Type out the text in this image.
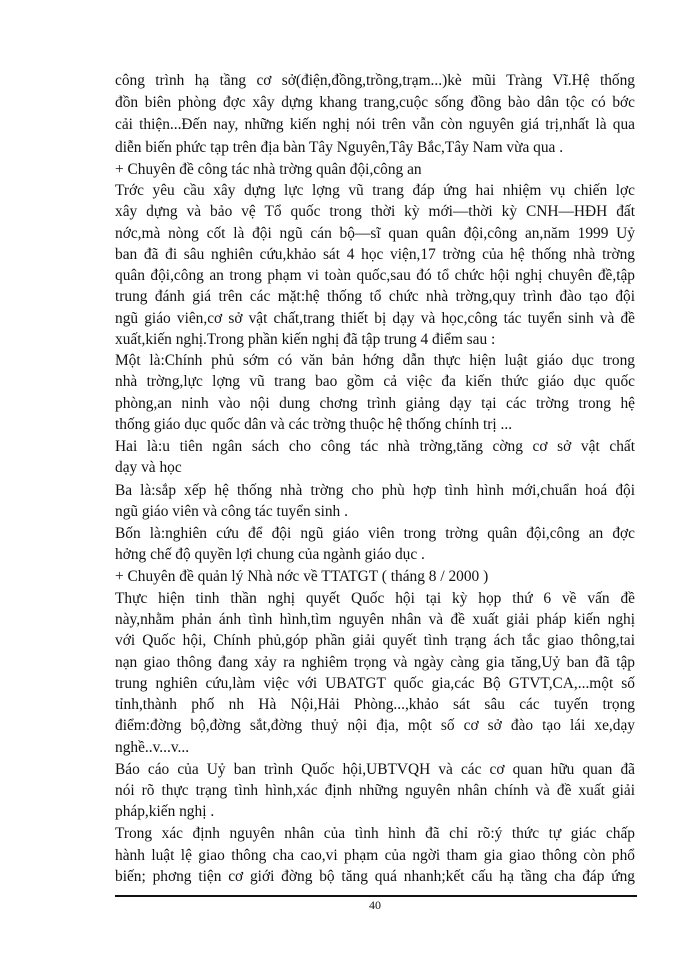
công trình hạ tầng cơ sở(điện,đồng,trồng,trạm...)kè mũi Tràng Vĩ.Hệ thống
đồn biên phòng đợc xây dựng khang trang,cuộc sống đồng bào dân tộc có bớc
cải thiện...Đến nay, những kiến nghị nói trên vẫn còn nguyên giá trị,nhất là qua
diễn biến phức tạp trên địa bàn Tây Nguyên,Tây Bắc,Tây Nam vừa qua .
+ Chuyên đề công tác nhà trờng quân đội,công an
Trớc yêu cầu xây dựng lực lợng vũ trang đáp ứng hai nhiệm vụ chiến lợc
xây dựng và bảo vệ Tổ quốc trong thời kỳ mới—thời kỳ CNH—HĐH đất
nớc,mà nòng cốt là đội ngũ cán bộ—sĩ quan quân đội,công an,năm 1999 Uỷ
ban đã đi sâu nghiên cứu,khảo sát 4 học viện,17 trờng của hệ thống nhà trờng
quân đội,công an trong phạm vi toàn quốc,sau đó tổ chức hội nghị chuyên đề,tập
trung đánh giá trên các mặt:hệ thống tổ chức nhà trờng,quy trình đào tạo đội
ngũ giáo viên,cơ sở vật chất,trang thiết bị dạy và học,công tác tuyển sinh và đề
xuất,kiến nghị.Trong phần kiến nghị đã tập trung 4 điểm sau :
Một là:Chính phủ sớm có văn bản hớng dẫn thực hiện luật giáo dục trong
nhà trờng,lực lợng vũ trang bao gồm cả việc đa kiến thức giáo dục quốc
phòng,an ninh vào nội dung chơng trình giảng dạy tại các trờng trong hệ
thống giáo dục quốc dân và các trờng thuộc hệ thống chính trị ...
Hai là:u tiên ngân sách cho công tác nhà trờng,tăng cờng cơ sở vật chất
dạy và học
Ba là:sắp xếp hệ thống nhà trờng cho phù hợp tình hình mới,chuẩn hoá đội
ngũ giáo viên và công tác tuyển sinh .
Bốn là:nghiên cứu để đội ngũ giáo viên trong trờng quân đội,công an đợc
hởng chế độ quyền lợi chung của ngành giáo dục .
+ Chuyên đề quản lý Nhà nớc về TTATGT ( tháng 8 / 2000 )
Thực hiện tinh thần nghị quyết Quốc hội tại kỳ họp thứ 6 về vấn đề
này,nhằm phản ánh tình hình,tìm nguyên nhân và đề xuất giải pháp kiến nghị
với Quốc hội, Chính phủ,góp phần giải quyết tình trạng ách tắc giao thông,tai
nạn giao thông đang xảy ra nghiêm trọng và ngày càng gia tăng,Uỷ ban đã tập
trung nghiên cứu,làm việc với UBATGT quốc gia,các Bộ GTVT,CA,...một số
tỉnh,thành phố nh Hà Nội,Hải Phòng...,khảo sát sâu các tuyến trọng
điểm:đờng bộ,đờng sắt,đờng thuỷ nội địa, một số cơ sở đào tạo lái xe,dạy
nghề..v...v...
Báo cáo của Uỷ ban trình Quốc hội,UBTVQH và các cơ quan hữu quan đã
nói rõ thực trạng tình hình,xác định những nguyên nhân chính và đề xuất giải
pháp,kiến nghị .
Trong xác định nguyên nhân của tình hình đã chỉ rõ:ý thức tự giác chấp
hành luật lệ giao thông cha cao,vi phạm của ngời tham gia giao thông còn phổ
biến; phơng tiện cơ giới đờng bộ tăng quá nhanh;kết cấu hạ tầng cha đáp ứng
40
